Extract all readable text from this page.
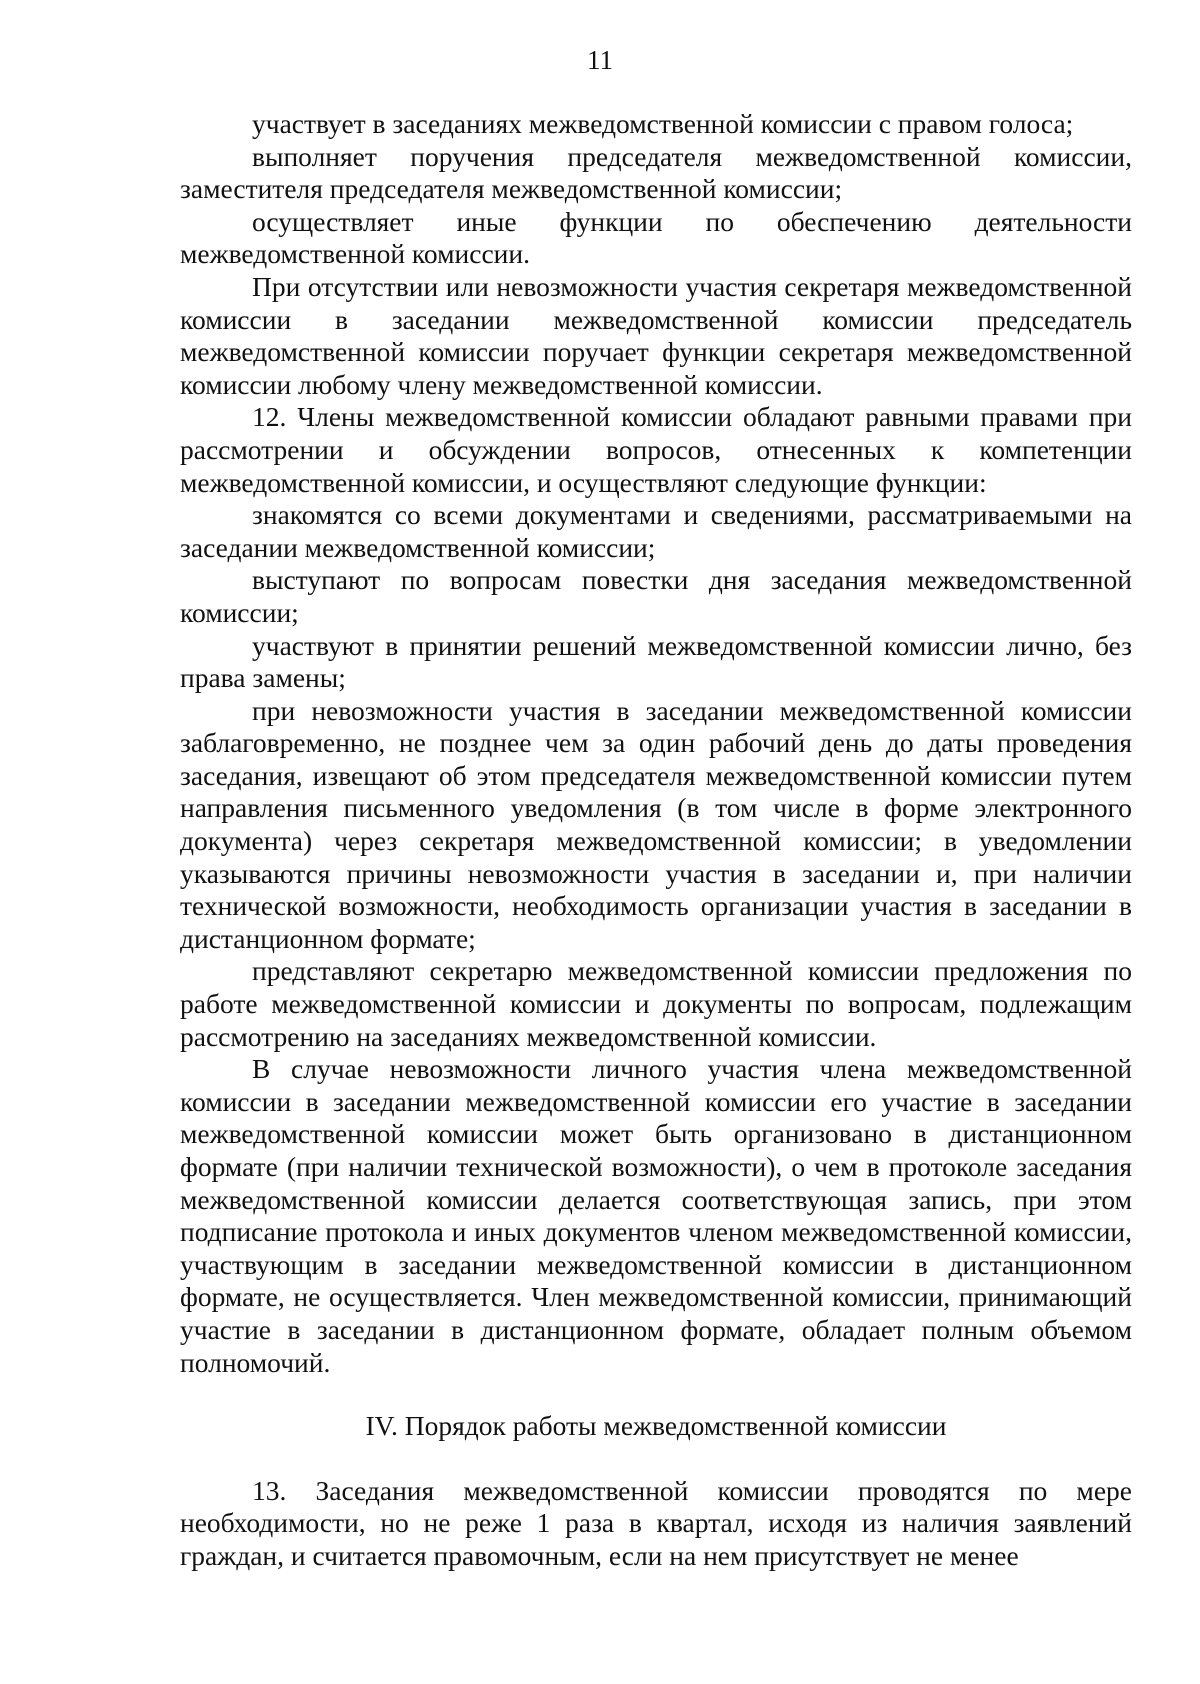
11

участвует в заседаниях межведомственной комиссии с правом голоса;

выполняет поручения председателя межведомственной комиссии, заместителя председателя межведомственной комиссии;

осуществляет иные функции по обеспечению деятельности межведомственной комиссии.

При отсутствии или невозможности участия секретаря межведомственной комиссии в заседании межведомственной комиссии председатель межведомственной комиссии поручает функции секретаря межведомственной комиссии любому члену межведомственной комиссии.

12. Члены межведомственной комиссии обладают равными правами при рассмотрении и обсуждении вопросов, отнесенных к компетенции межведомственной комиссии, и осуществляют следующие функции:

знакомятся со всеми документами и сведениями, рассматриваемыми на заседании межведомственной комиссии;

выступают по вопросам повестки дня заседания межведомственной комиссии;

участвуют в принятии решений межведомственной комиссии лично, без права замены;

при невозможности участия в заседании межведомственной комиссии заблаговременно, не позднее чем за один рабочий день до даты проведения заседания, извещают об этом председателя межведомственной комиссии путем направления письменного уведомления (в том числе в форме электронного документа) через секретаря межведомственной комиссии; в уведомлении указываются причины невозможности участия в заседании и, при наличии технической возможности, необходимость организации участия в заседании в дистанционном формате;

представляют секретарю межведомственной комиссии предложения по работе межведомственной комиссии и документы по вопросам, подлежащим рассмотрению на заседаниях межведомственной комиссии.

В случае невозможности личного участия члена межведомственной комиссии в заседании межведомственной комиссии его участие в заседании межведомственной комиссии может быть организовано в дистанционном формате (при наличии технической возможности), о чем в протоколе заседания межведомственной комиссии делается соответствующая запись, при этом подписание протокола и иных документов членом межведомственной комиссии, участвующим в заседании межведомственной комиссии в дистанционном формате, не осуществляется. Член межведомственной комиссии, принимающий участие в заседании в дистанционном формате, обладает полным объемом полномочий.

IV. Порядок работы межведомственной комиссии

13. Заседания межведомственной комиссии проводятся по мере необходимости, но не реже 1 раза в квартал, исходя из наличия заявлений граждан, и считается правомочным, если на нем присутствует не менее
